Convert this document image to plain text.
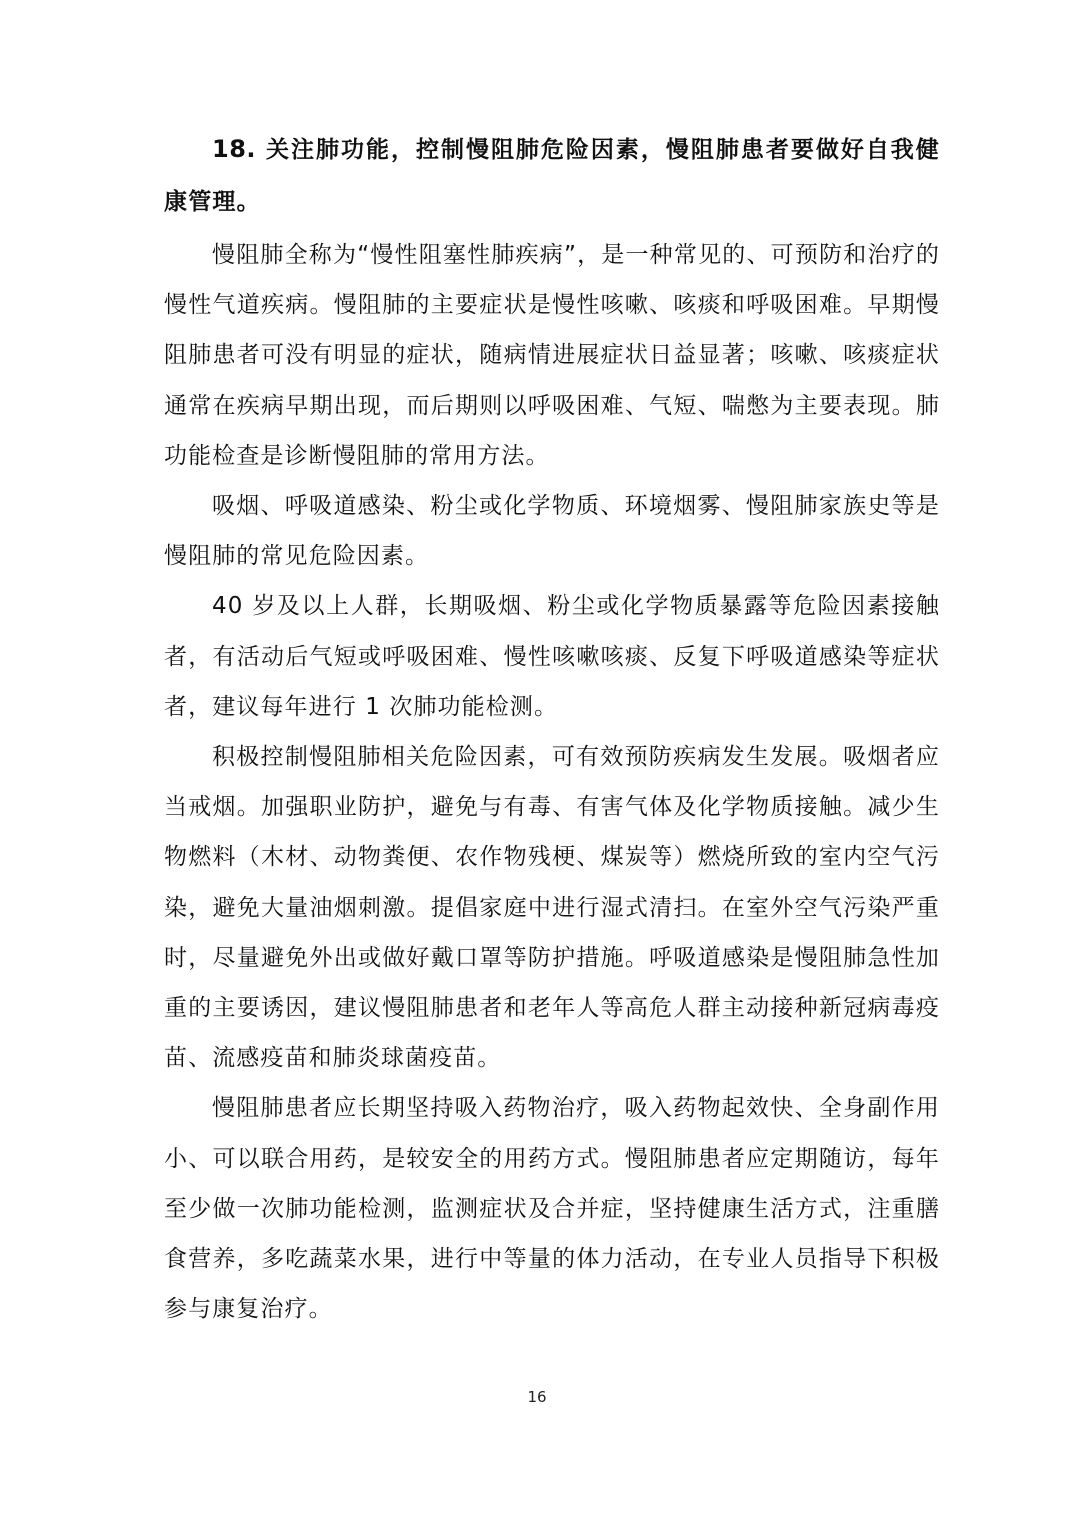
18. 关注肺功能，控制慢阻肺危险因素，慢阻肺患者要做好自我健康管理。

慢阻肺全称为“慢性阻塞性肺疾病”，是一种常见的、可预防和治疗的慢性气道疾病。慢阻肺的主要症状是慢性咳嗽、咳痰和呼吸困难。早期慢阻肺患者可没有明显的症状，随病情进展症状日益显著；咳嗽、咳痰症状通常在疾病早期出现，而后期则以呼吸困难、气短、喘憋为主要表现。肺功能检查是诊断慢阻肺的常用方法。

吸烟、呼吸道感染、粉尘或化学物质、环境烟雾、慢阻肺家族史等是慢阻肺的常见危险因素。

40 岁及以上人群，长期吸烟、粉尘或化学物质暴露等危险因素接触者，有活动后气短或呼吸困难、慢性咳嗽咳痰、反复下呼吸道感染等症状者，建议每年进行 1 次肺功能检测。

积极控制慢阻肺相关危险因素，可有效预防疾病发生发展。吸烟者应当戒烟。加强职业防护，避免与有毒、有害气体及化学物质接触。减少生物燃料（木材、动物粪便、农作物残梗、煤炭等）燃烧所致的室内空气污染，避免大量油烟刺激。提倡家庭中进行湿式清扫。在室外空气污染严重时，尽量避免外出或做好戴口罩等防护措施。呼吸道感染是慢阻肺急性加重的主要诱因，建议慢阻肺患者和老年人等高危人群主动接种新冠病毒疫苗、流感疫苗和肺炎球菌疫苗。

慢阻肺患者应长期坚持吸入药物治疗，吸入药物起效快、全身副作用小、可以联合用药，是较安全的用药方式。慢阻肺患者应定期随访，每年至少做一次肺功能检测，监测症状及合并症，坚持健康生活方式，注重膳食营养，多吃蔬菜水果，进行中等量的体力活动，在专业人员指导下积极参与康复治疗。

16
